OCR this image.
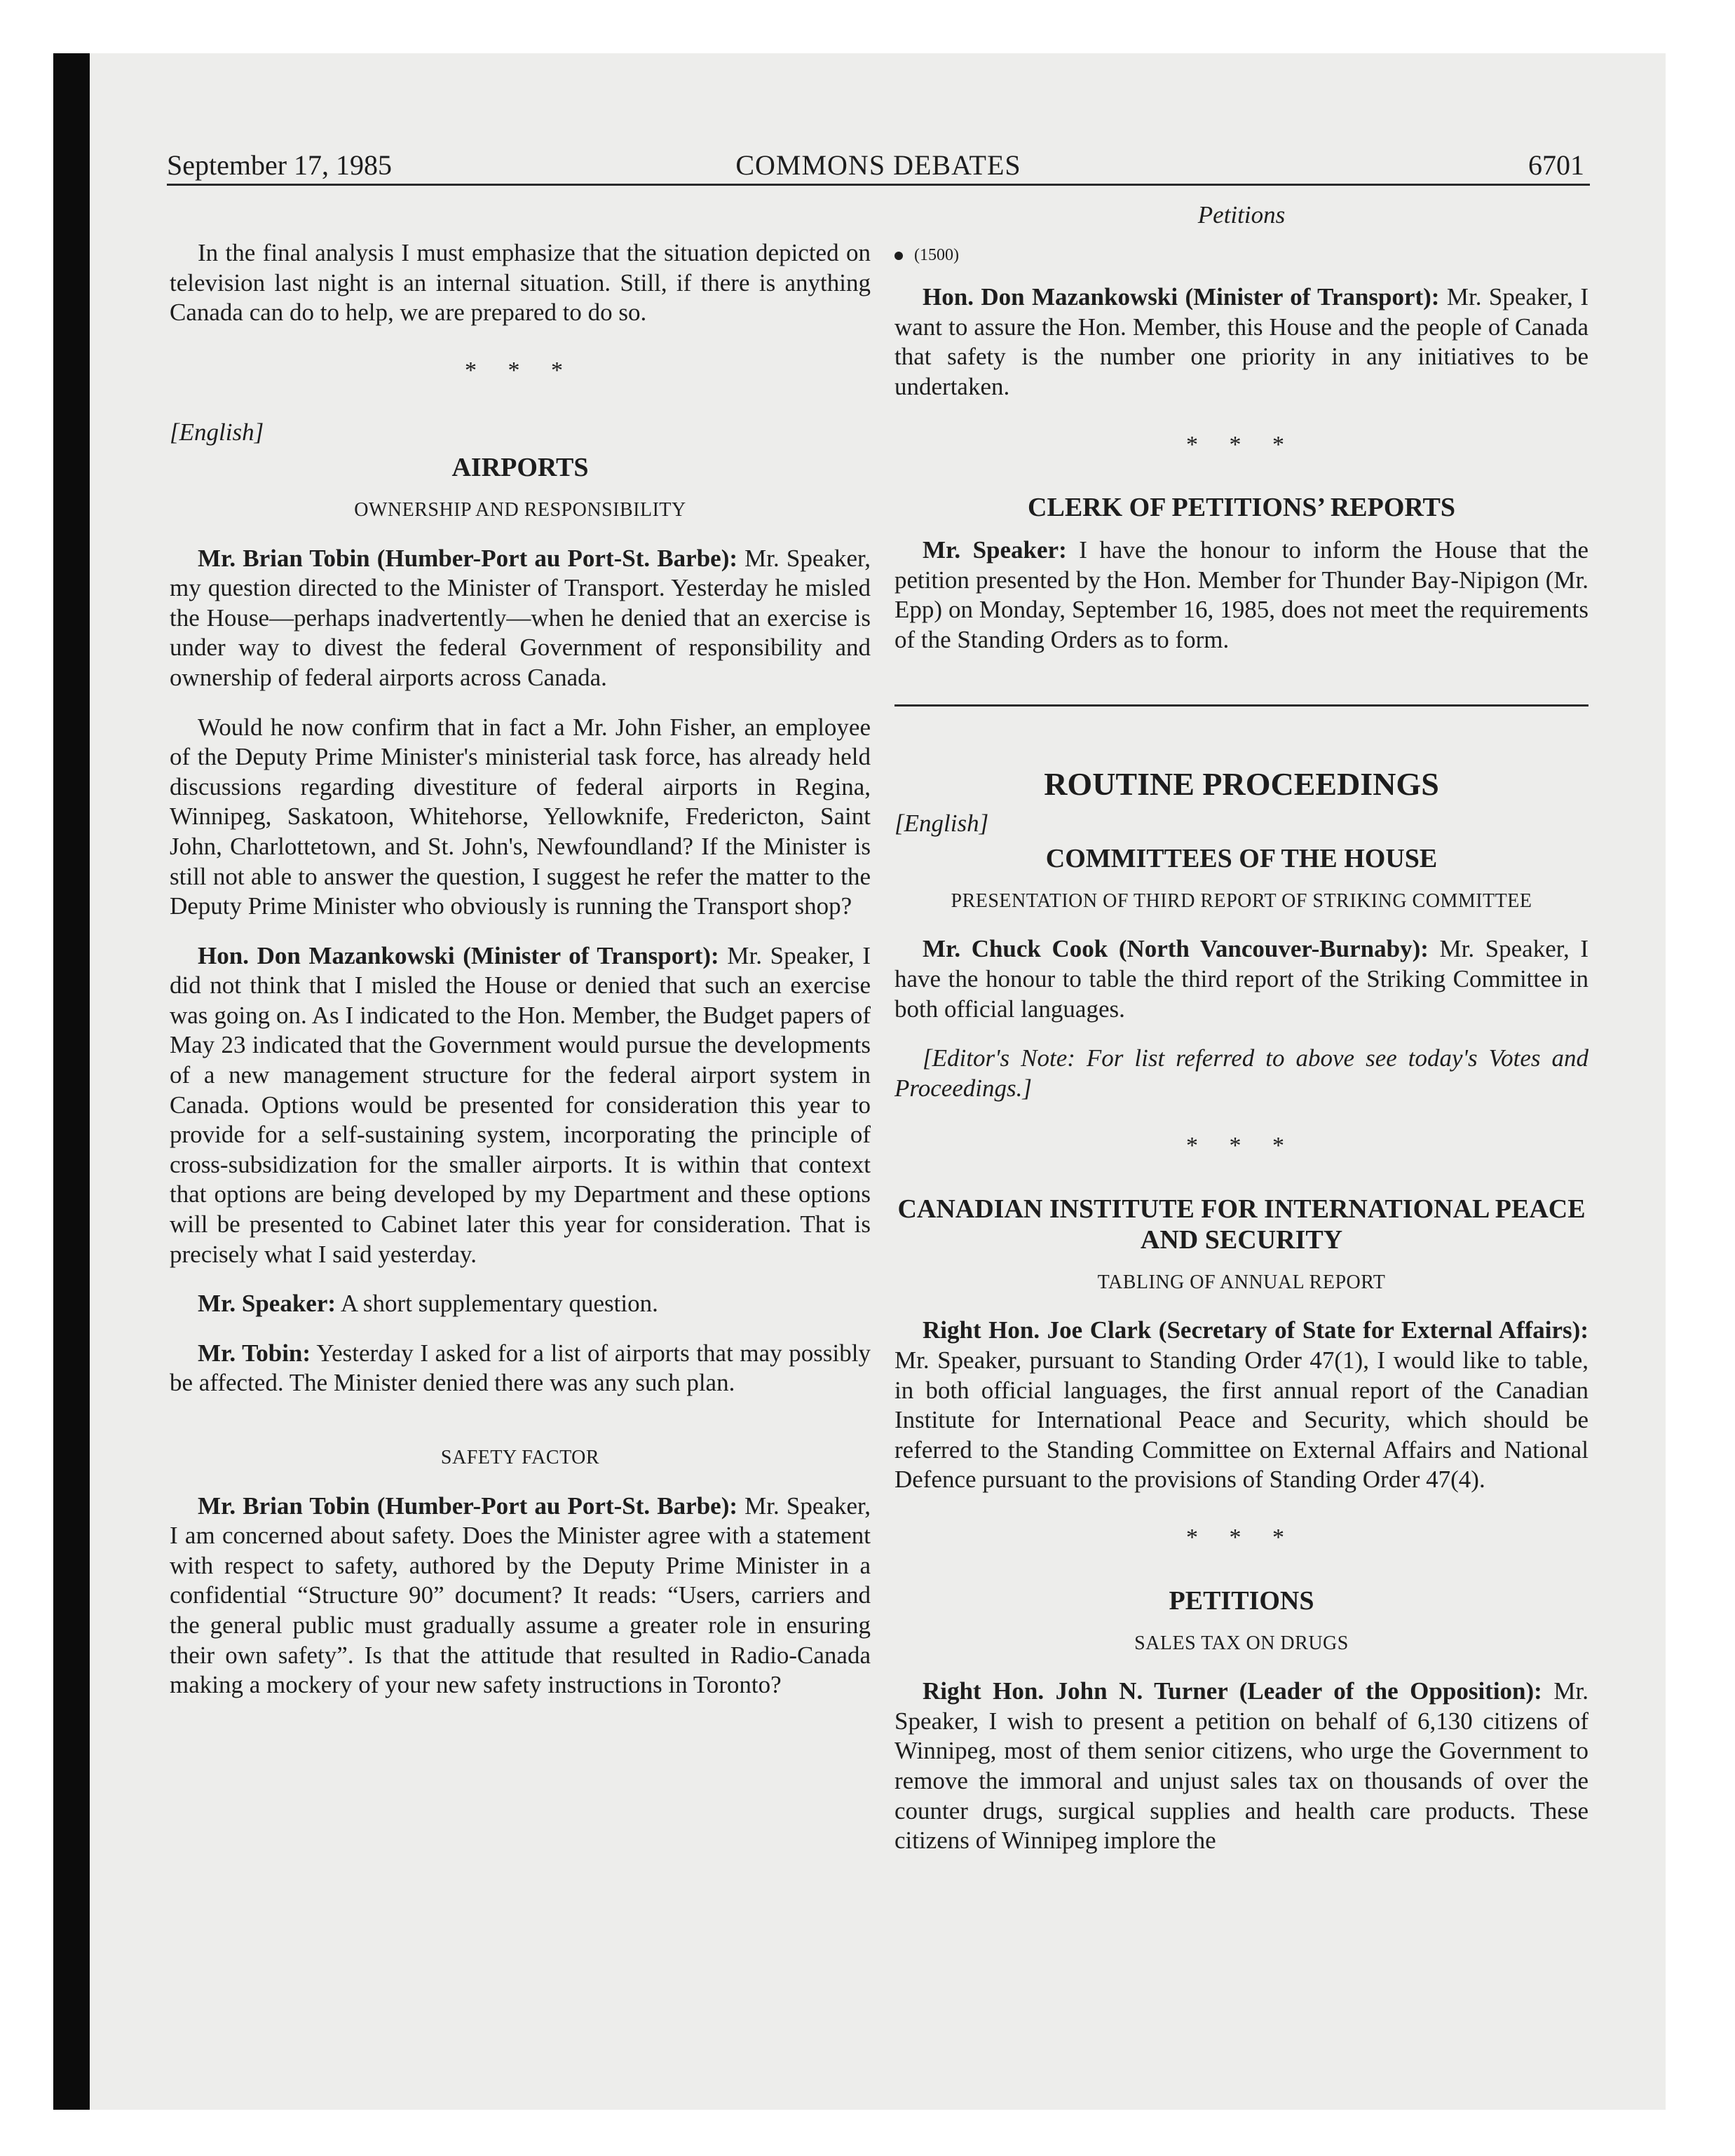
September 17, 1985	COMMONS DEBATES	6701

In the final analysis I must emphasize that the situation depicted on television last night is an internal situation. Still, if there is anything Canada can do to help, we are prepared to do so.

* * *
[English]
AIRPORTS
OWNERSHIP AND RESPONSIBILITY

Mr. Brian Tobin (Humber-Port au Port-St. Barbe): Mr. Speaker, my question directed to the Minister of Transport. Yesterday he misled the House—perhaps inadvertently—when he denied that an exercise is under way to divest the federal Government of responsibility and ownership of federal airports across Canada.

Would he now confirm that in fact a Mr. John Fisher, an employee of the Deputy Prime Minister's ministerial task force, has already held discussions regarding divestiture of federal airports in Regina, Winnipeg, Saskatoon, Whitehorse, Yellowknife, Fredericton, Saint John, Charlottetown, and St. John's, Newfoundland? If the Minister is still not able to answer the question, I suggest he refer the matter to the Deputy Prime Minister who obviously is running the Transport shop?

Hon. Don Mazankowski (Minister of Transport): Mr. Speaker, I did not think that I misled the House or denied that such an exercise was going on. As I indicated to the Hon. Member, the Budget papers of May 23 indicated that the Government would pursue the developments of a new management structure for the federal airport system in Canada. Options would be presented for consideration this year to provide for a self-sustaining system, incorporating the principle of cross-subsidization for the smaller airports. It is within that context that options are being developed by my Department and these options will be presented to Cabinet later this year for consideration. That is precisely what I said yesterday.

Mr. Speaker: A short supplementary question.

Mr. Tobin: Yesterday I asked for a list of airports that may possibly be affected. The Minister denied there was any such plan.

SAFETY FACTOR

Mr. Brian Tobin (Humber-Port au Port-St. Barbe): Mr. Speaker, I am concerned about safety. Does the Minister agree with a statement with respect to safety, authored by the Deputy Prime Minister in a confidential “Structure 90” document? It reads: “Users, carriers and the general public must gradually assume a greater role in ensuring their own safety”. Is that the attitude that resulted in Radio-Canada making a mockery of your new safety instructions in Toronto?

Petitions
(1500)

Hon. Don Mazankowski (Minister of Transport): Mr. Speaker, I want to assure the Hon. Member, this House and the people of Canada that safety is the number one priority in any initiatives to be undertaken.

* * *
CLERK OF PETITIONS’ REPORTS

Mr. Speaker: I have the honour to inform the House that the petition presented by the Hon. Member for Thunder Bay-Nipigon (Mr. Epp) on Monday, September 16, 1985, does not meet the requirements of the Standing Orders as to form.

ROUTINE PROCEEDINGS
[English]
COMMITTEES OF THE HOUSE
PRESENTATION OF THIRD REPORT OF STRIKING COMMITTEE

Mr. Chuck Cook (North Vancouver-Burnaby): Mr. Speaker, I have the honour to table the third report of the Striking Committee in both official languages.

[Editor's Note: For list referred to above see today's Votes and Proceedings.]

* * *
CANADIAN INSTITUTE FOR INTERNATIONAL PEACE AND SECURITY
TABLING OF ANNUAL REPORT

Right Hon. Joe Clark (Secretary of State for External Affairs): Mr. Speaker, pursuant to Standing Order 47(1), I would like to table, in both official languages, the first annual report of the Canadian Institute for International Peace and Security, which should be referred to the Standing Committee on External Affairs and National Defence pursuant to the provisions of Standing Order 47(4).

* * *
PETITIONS
SALES TAX ON DRUGS

Right Hon. John N. Turner (Leader of the Opposition): Mr. Speaker, I wish to present a petition on behalf of 6,130 citizens of Winnipeg, most of them senior citizens, who urge the Government to remove the immoral and unjust sales tax on thousands of over the counter drugs, surgical supplies and health care products. These citizens of Winnipeg implore the
